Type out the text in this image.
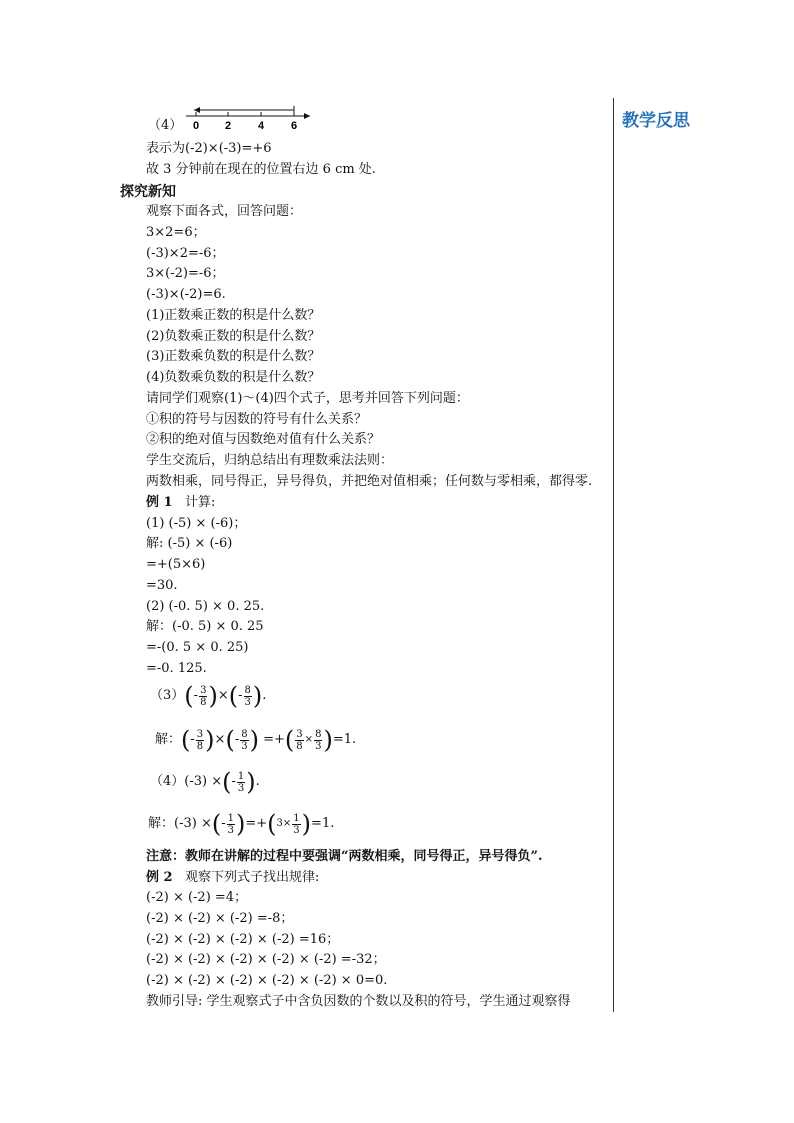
教学反思
（4） 0 2 4 6
表示为(-2)×(-3)=+6
故 3 分钟前在现在的位置右边 6 cm 处.
探究新知
观察下面各式，回答问题：
3×2=6；
(-3)×2=-6；
3×(-2)=-6；
(-3)×(-2)=6.
(1)正数乘正数的积是什么数？
(2)负数乘正数的积是什么数？
(3)正数乘负数的积是什么数？
(4)负数乘负数的积是什么数？
请同学们观察(1)～(4)四个式子，思考并回答下列问题：
①积的符号与因数的符号有什么关系？
②积的绝对值与因数绝对值有什么关系？
学生交流后，归纳总结出有理数乘法法则：
两数相乘，同号得正，异号得负，并把绝对值相乘；任何数与零相乘，都得零.
例 1 计算:
(1) (-5) × (-6)；
解: (-5) × (-6)
=+(5×6)
=30.
(2) (-0. 5) × 0. 25.
解：(-0. 5) × 0. 25
=-(0. 5 × 0. 25)
=-0. 125.
（3） ( - $\frac{3}{8}$ ) × ( - $\frac{8}{3}$ ) .
解： ( - $\frac{3}{8}$ ) × ( - $\frac{8}{3}$ )
=+ ( $\frac{3}{8} \times \frac{8}{3}$ ) =1.
（4）(-3) × ( - $\frac{1}{3}$ ) .
解：(-3) × ( - $\frac{1}{3}$ ) =+ ( $3\times \frac{1}{3}$ ) =1.
注意：教师在讲解的过程中要强调“两数相乘，同号得正，异号得负”.
例 2 观察下列式子找出规律:
(-2) × (-2) =4；
(-2) × (-2) × (-2) =-8；
(-2) × (-2) × (-2) × (-2) =16；
(-2) × (-2) × (-2) × (-2) × (-2) =-32；
(-2) × (-2) × (-2) × (-2) × (-2) × 0=0.
教师引导: 学生观察式子中含负因数的个数以及积的符号，学生通过观察得
